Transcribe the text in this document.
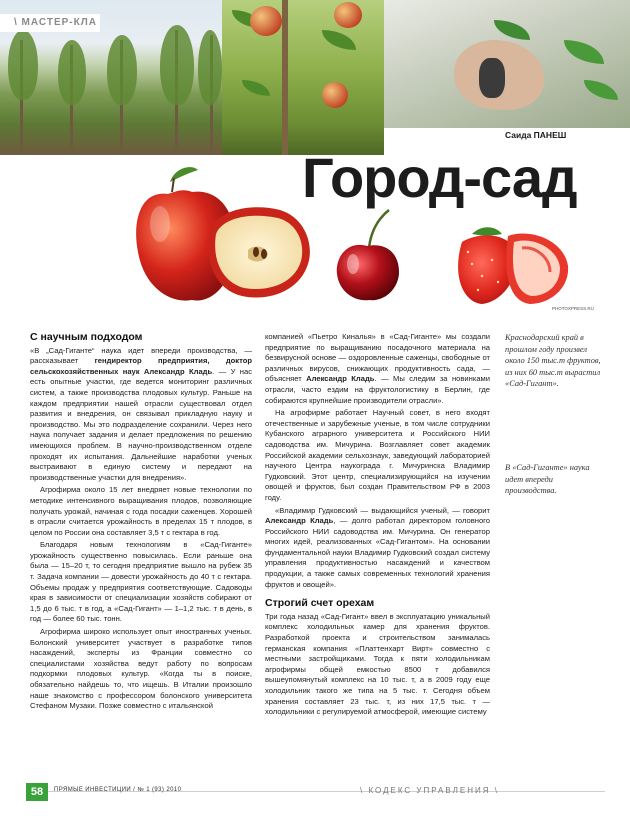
\ МАСТЕР-КЛА
Саида ПАНЕШ
Город-сад
PHOTOXPRESS.RU
С научным подходом

«В „Сад-Гиганте“ наука идет впереди производства, — рассказывает гендиректор предприятия, доктор сельскохозяйственных наук Александр Кладь. — У нас есть опытные участки, где ведется мониторинг различных систем, а также производства плодовых культур. Раньше на каждом предприятии нашей отрасли существовал отдел развития и внедрения, он связывал прикладную науку и производство. Мы это подразделение сохранили. Через него наука получает задания и делает предложения по решению имеющихся проблем. В научно-производственном отделе проходят их испытания. Дальнейшие наработки ученых выстраивают в единую систему и передают на производственные участки для внедрения».

Агрофирма около 15 лет внедряет новые технологии по методике интенсивного выращивания плодов, позволяющие получать урожай, начиная с года посадки саженцев. Хорошей в отрасли считается урожайность в пределах 15 т плодов, в целом по России она составляет 3,5 т с гектара в год.

Благодаря новым технологиям в «Сад-Гиганте» урожайность существенно повысилась. Если раньше она была — 15–20 т, то сегодня предприятие вышло на рубеж 35 т. Задача компании — довести урожайность до 40 т с гектара. Объемы продаж у предприятия соответствующие. Садоводы края в зависимости от специализации хозяйств собирают от 1,5 до 6 тыс. т в год, а «Сад-Гигант» — 1–1,2 тыс. т в день, в год — более 60 тыс. тонн.

Агрофирма широко использует опыт иностранных ученых. Болонский университет участвует в разработке типов насаждений, эксперты из Франции совместно со специалистами хозяйства ведут работу по вопросам подкормки плодовых культур. «Когда ты в поиске, обязательно найдешь то, что ищешь. В Италии произошло наше знакомство с профессором болонского университета Стефаном Музаки. Позже совместно с итальянской

компанией «Пьетро Киналья» в «Сад-Гиганте» мы создали предприятие по выращиванию посадочного материала на безвирусной основе — оздоровленные саженцы, свободные от различных вирусов, снижающих продуктивность сада, — объясняет Александр Кладь. — Мы следим за новинками отрасли, часто ездим на фруктологистику в Берлин, где собираются крупнейшие производители отрасли».

На агрофирме работает Научный совет, в него входят отечественные и зарубежные ученые, в том числе сотрудники Кубанского аграрного университета и Российского НИИ садоводства им. Мичурина. Возглавляет совет академик Российской академии сельхознаук, заведующий лабораторией научного Центра наукограда г. Мичуринска Владимир Гудковский. Этот центр, специализирующийся на изучении овощей и фруктов, был создан Правительством РФ в 2003 году.

«Владимир Гудковский — выдающийся ученый, — говорит Александр Кладь, — долго работал директором головного Российского НИИ садоводства им. Мичурина. Он генератор многих идей, реализованных «Сад-Гигантом». На основании фундаментальной науки Владимир Гудковский создал систему управления продуктивностью насаждений и качеством продукции, а также самых современных технологий хранения фруктов и овощей».

Строгий счет орехам

Три года назад «Сад-Гигант» ввел в эксплуатацию уникальный комплекс холодильных камер для хранения фруктов. Разработкой проекта и строительством занималась германская компания «Платтенхарт Вирт» совместно с местными застройщиками. Тогда к пяти холодильникам агрофирмы общей емкостью 8500 т добавился вышеупомянутый комплекс на 10 тыс. т, а в 2009 году еще холодильник такого же типа на 5 тыс. т. Сегодня объем хранения составляет 23 тыс. т, из них 17,5 тыс. т — холодильники с регулируемой атмосферой, имеющие систему

Краснодарский край в прошлом году произвел около 150 тыс.т фруктов, из них 60 тыс.т вырастил «Сад-Гигант».
В «Сад-Гиганте» наука идет впереди производства.
58	ПРЯМЫЕ ИНВЕСТИЦИИ / № 1 (93) 2010	\ КОДЕКС УПРАВЛЕНИЯ \
